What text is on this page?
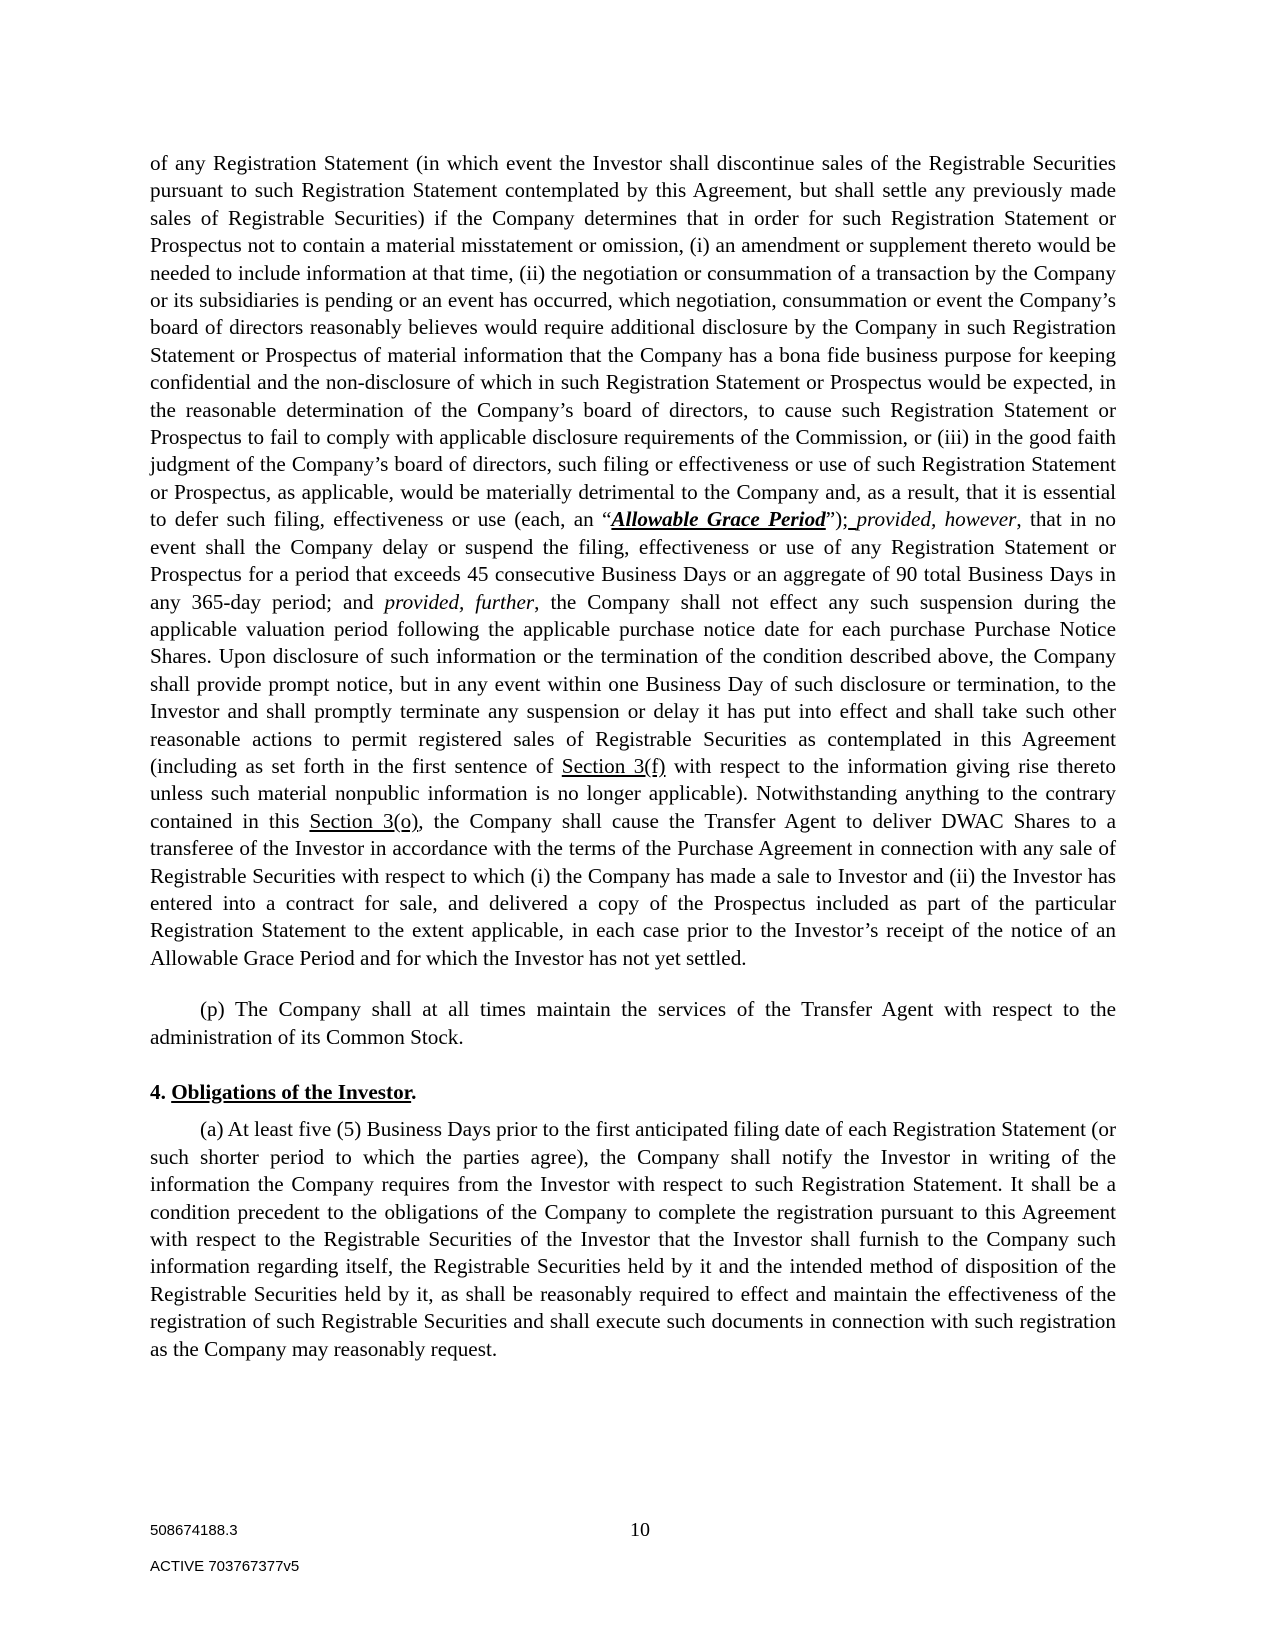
of any Registration Statement (in which event the Investor shall discontinue sales of the Registrable Securities pursuant to such Registration Statement contemplated by this Agreement, but shall settle any previously made sales of Registrable Securities) if the Company determines that in order for such Registration Statement or Prospectus not to contain a material misstatement or omission, (i) an amendment or supplement thereto would be needed to include information at that time, (ii) the negotiation or consummation of a transaction by the Company or its subsidiaries is pending or an event has occurred, which negotiation, consummation or event the Company’s board of directors reasonably believes would require additional disclosure by the Company in such Registration Statement or Prospectus of material information that the Company has a bona fide business purpose for keeping confidential and the non-disclosure of which in such Registration Statement or Prospectus would be expected, in the reasonable determination of the Company’s board of directors, to cause such Registration Statement or Prospectus to fail to comply with applicable disclosure requirements of the Commission, or (iii) in the good faith judgment of the Company’s board of directors, such filing or effectiveness or use of such Registration Statement or Prospectus, as applicable, would be materially detrimental to the Company and, as a result, that it is essential to defer such filing, effectiveness or use (each, an “Allowable Grace Period”); provided, however, that in no event shall the Company delay or suspend the filing, effectiveness or use of any Registration Statement or Prospectus for a period that exceeds 45 consecutive Business Days or an aggregate of 90 total Business Days in any 365-day period; and provided, further, the Company shall not effect any such suspension during the applicable valuation period following the applicable purchase notice date for each purchase Purchase Notice Shares. Upon disclosure of such information or the termination of the condition described above, the Company shall provide prompt notice, but in any event within one Business Day of such disclosure or termination, to the Investor and shall promptly terminate any suspension or delay it has put into effect and shall take such other reasonable actions to permit registered sales of Registrable Securities as contemplated in this Agreement (including as set forth in the first sentence of Section 3(f) with respect to the information giving rise thereto unless such material nonpublic information is no longer applicable). Notwithstanding anything to the contrary contained in this Section 3(o), the Company shall cause the Transfer Agent to deliver DWAC Shares to a transferee of the Investor in accordance with the terms of the Purchase Agreement in connection with any sale of Registrable Securities with respect to which (i) the Company has made a sale to Investor and (ii) the Investor has entered into a contract for sale, and delivered a copy of the Prospectus included as part of the particular Registration Statement to the extent applicable, in each case prior to the Investor’s receipt of the notice of an Allowable Grace Period and for which the Investor has not yet settled.

(p) The Company shall at all times maintain the services of the Transfer Agent with respect to the administration of its Common Stock.

4. Obligations of the Investor.

(a) At least five (5) Business Days prior to the first anticipated filing date of each Registration Statement (or such shorter period to which the parties agree), the Company shall notify the Investor in writing of the information the Company requires from the Investor with respect to such Registration Statement. It shall be a condition precedent to the obligations of the Company to complete the registration pursuant to this Agreement with respect to the Registrable Securities of the Investor that the Investor shall furnish to the Company such information regarding itself, the Registrable Securities held by it and the intended method of disposition of the Registrable Securities held by it, as shall be reasonably required to effect and maintain the effectiveness of the registration of such Registrable Securities and shall execute such documents in connection with such registration as the Company may reasonably request.

508674188.3	10
ACTIVE 703767377v5
